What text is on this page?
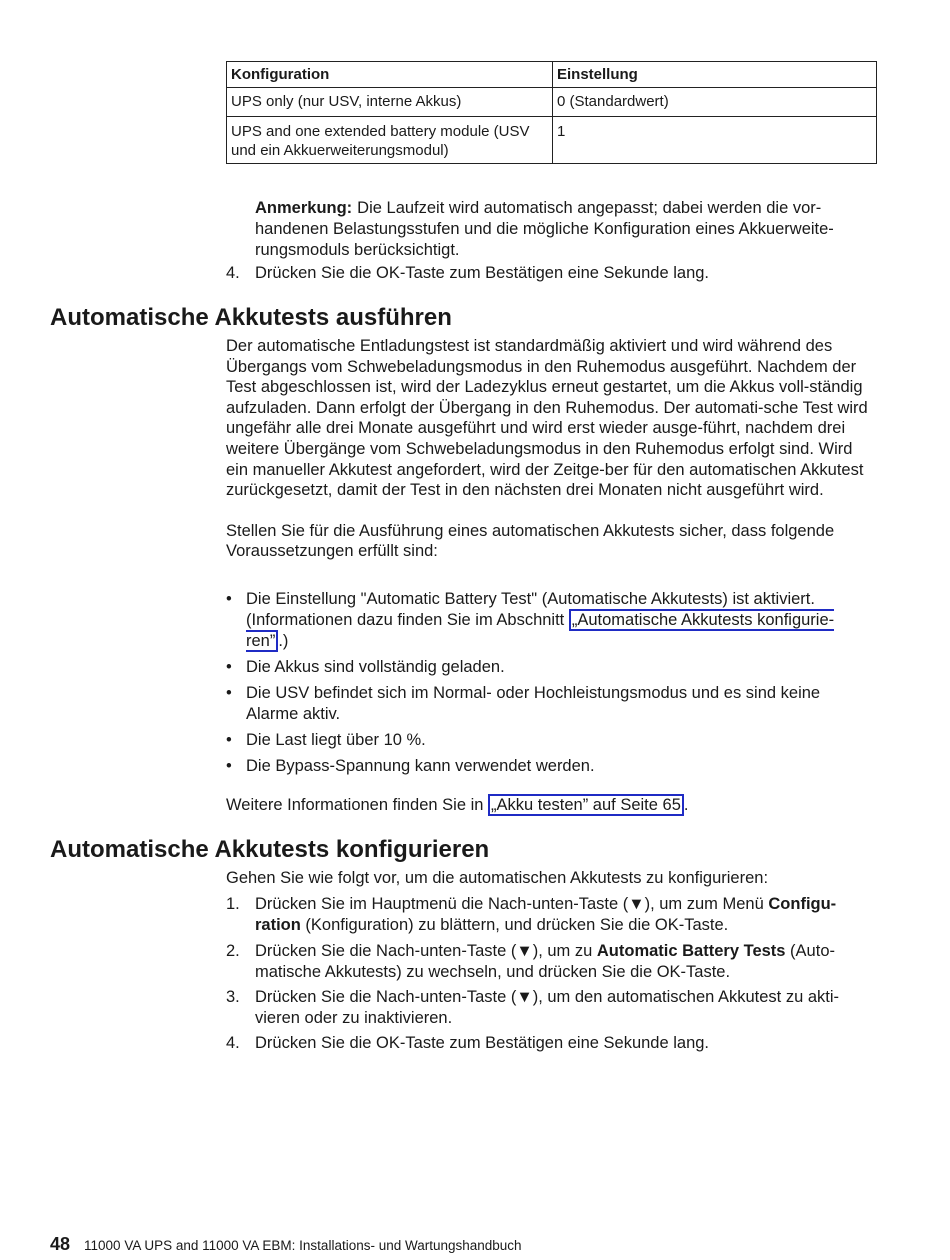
Konfiguration	Einstellung
UPS only (nur USV, interne Akkus)	0 (Standardwert)
UPS and one extended battery module (USV und ein Akkuerweiterungsmodul)	1

Anmerkung: Die Laufzeit wird automatisch angepasst; dabei werden die vor-handenen Belastungsstufen und die mögliche Konfiguration eines Akkuerweite-rungsmoduls berücksichtigt.

4. Drücken Sie die OK-Taste zum Bestätigen eine Sekunde lang.
Automatische Akkutests ausführen

Der automatische Entladungstest ist standardmäßig aktiviert und wird während des Übergangs vom Schwebeladungsmodus in den Ruhemodus ausgeführt. Nachdem der Test abgeschlossen ist, wird der Ladezyklus erneut gestartet, um die Akkus voll-ständig aufzuladen. Dann erfolgt der Übergang in den Ruhemodus. Der automati-sche Test wird ungefähr alle drei Monate ausgeführt und wird erst wieder ausge-führt, nachdem drei weitere Übergänge vom Schwebeladungsmodus in den Ruhemodus erfolgt sind. Wird ein manueller Akkutest angefordert, wird der Zeitge-ber für den automatischen Akkutest zurückgesetzt, damit der Test in den nächsten drei Monaten nicht ausgeführt wird.

Stellen Sie für die Ausführung eines automatischen Akkutests sicher, dass folgende Voraussetzungen erfüllt sind:

• Die Einstellung "Automatic Battery Test" (Automatische Akkutests) ist aktiviert. (Informationen dazu finden Sie im Abschnitt „Automatische Akkutests konfigurie-ren” .)
• Die Akkus sind vollständig geladen.
• Die USV befindet sich im Normal- oder Hochleistungsmodus und es sind keine Alarme aktiv.
• Die Last liegt über 10 %.
• Die Bypass-Spannung kann verwendet werden.
Weitere Informationen finden Sie in „Akku testen” auf Seite 65 .
Automatische Akkutests konfigurieren
Gehen Sie wie folgt vor, um die automatischen Akkutests zu konfigurieren:
1. Drücken Sie im Hauptmenü die Nach-unten-Taste (▼), um zum Menü Configu-ration (Konfiguration) zu blättern, und drücken Sie die OK-Taste.
2. Drücken Sie die Nach-unten-Taste (▼), um zu Automatic Battery Tests (Auto-matische Akkutests) zu wechseln, und drücken Sie die OK-Taste.
3. Drücken Sie die Nach-unten-Taste (▼), um den automatischen Akkutest zu akti-vieren oder zu inaktivieren.
4. Drücken Sie die OK-Taste zum Bestätigen eine Sekunde lang.
48 11000 VA UPS and 11000 VA EBM: Installations- und Wartungshandbuch
